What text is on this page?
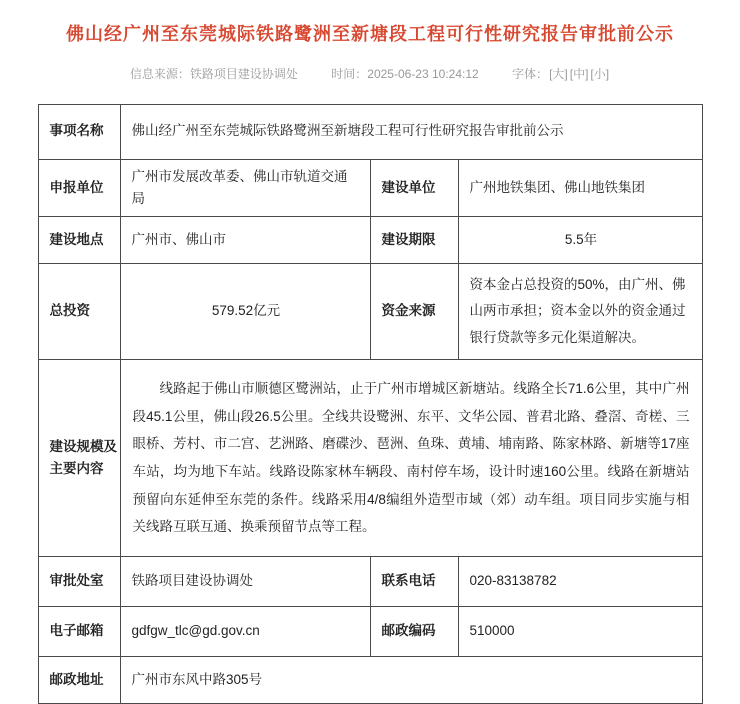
佛山经广州至东莞城际铁路鹭洲至新塘段工程可行性研究报告审批前公示
信息来源：铁路项目建设协调处	时间：2025-06-23 10:24:12	字体：[大] [中] [小]
事项名称	佛山经广州至东莞城际铁路鹭洲至新塘段工程可行性研究报告审批前公示		
申报单位	广州市发展改革委、佛山市轨道交通局	建设单位	广州地铁集团、佛山地铁集团
建设地点	广州市、佛山市	建设期限	5.5年
总投资	579.52亿元	资金来源	资本金占总投资的50%，由广州、佛山两市承担；资本金以外的资金通过银行贷款等多元化渠道解决。
建设规模及主要内容	线路起于佛山市顺德区鹭洲站，止于广州市增城区新塘站。线路全长71.6公里，其中广州段45.1公里，佛山段26.5公里。全线共设鹭洲、东平、文华公园、普君北路、叠滘、奇槎、三眼桥、芳村、市二宫、艺洲路、磨碟沙、琶洲、鱼珠、黄埔、埔南路、陈家林路、新塘等17座车站，均为地下车站。线路设陈家林车辆段、南村停车场，设计时速160公里。线路在新塘站预留向东延伸至东莞的条件。线路采用4/8编组外造型市域（郊）动车组。项目同步实施与相关线路互联互通、换乘预留节点等工程。		

审批处室	铁路项目建设协调处	联系电话	020-83138782
电子邮箱	gdfgw_tlc@gd.gov.cn	邮政编码	510000
邮政地址	广州市东风中路305号		
